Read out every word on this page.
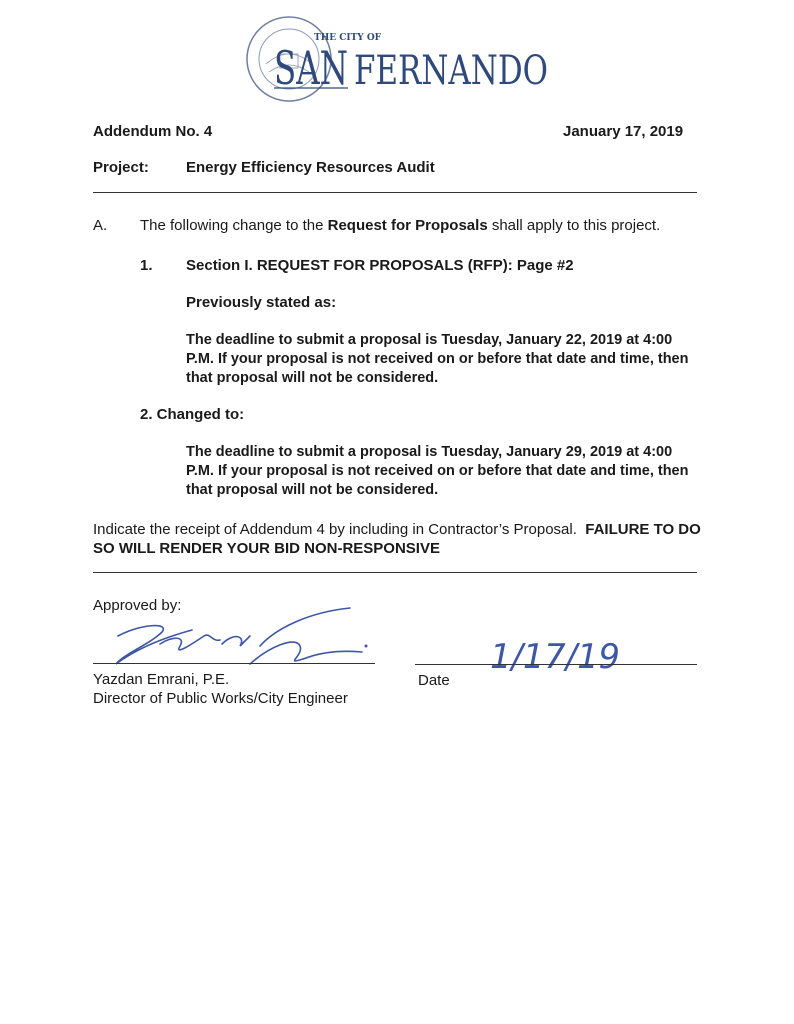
THE CITY OF
SAN FERNANDO
Addendum No. 4	January 17, 2019
Project: Energy Efficiency Resources Audit
A. The following change to the Request for Proposals shall apply to this project.
1. Section I. REQUEST FOR PROPOSALS (RFP): Page #2
Previously stated as:
The deadline to submit a proposal is Tuesday, January 22, 2019 at 4:00 P.M. If your proposal is not received on or before that date and time, then that proposal will not be considered.
2. Changed to:
The deadline to submit a proposal is Tuesday, January 29, 2019 at 4:00 P.M. If your proposal is not received on or before that date and time, then that proposal will not be considered.
Indicate the receipt of Addendum 4 by including in Contractor’s Proposal. FAILURE TO DO SO WILL RENDER YOUR BID NON-RESPONSIVE
Approved by:
Yazdan Emrani, P.E.
Director of Public Works/City Engineer
1/17/19
Date
